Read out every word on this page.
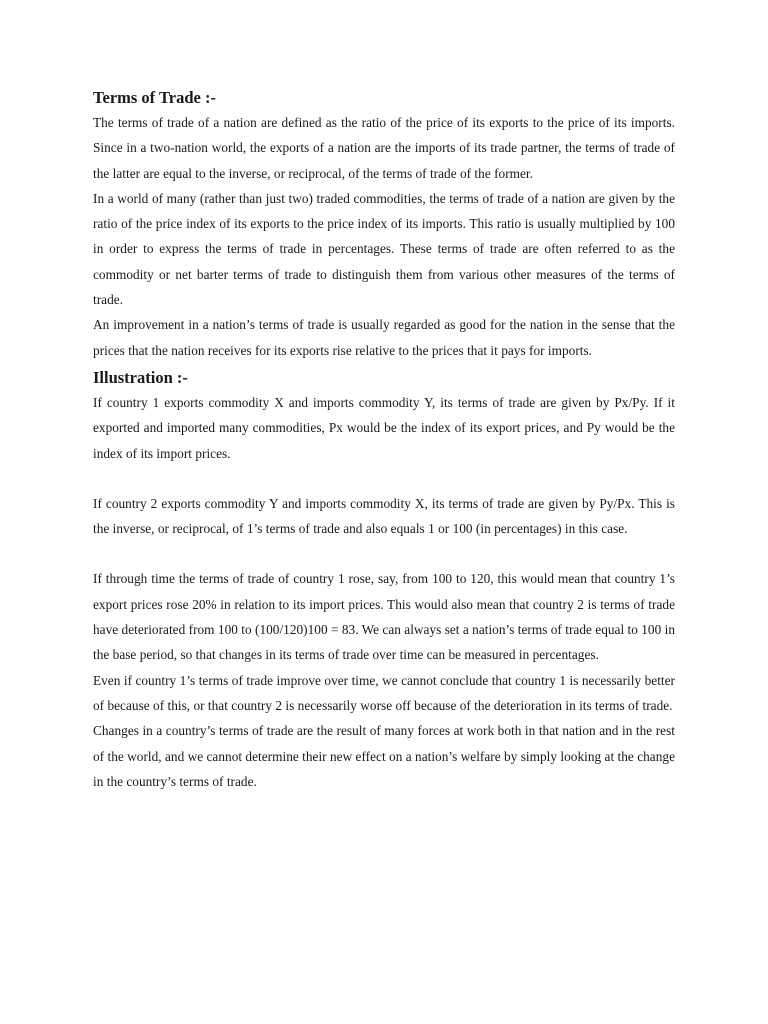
Terms of Trade :-

The terms of trade of a nation are defined as the ratio of the price of its exports to the price of its imports. Since in a two-nation world, the exports of a nation are the imports of its trade partner, the terms of trade of the latter are equal to the inverse, or reciprocal, of the terms of trade of the former.

In a world of many (rather than just two) traded commodities, the terms of trade of a nation are given by the ratio of the price index of its exports to the price index of its imports. This ratio is usually multiplied by 100 in order to express the terms of trade in percentages. These terms of trade are often referred to as the commodity or net barter terms of trade to distinguish them from various other measures of the terms of trade.

An improvement in a nation’s terms of trade is usually regarded as good for the nation in the sense that the prices that the nation receives for its exports rise relative to the prices that it pays for imports.

Illustration :-

If country 1 exports commodity X and imports commodity Y, its terms of trade are given by Px/Py. If it exported and imported many commodities, Px would be the index of its export prices, and Py would be the index of its import prices.

If country 2 exports commodity Y and imports commodity X, its terms of trade are given by Py/Px. This is the inverse, or reciprocal, of 1’s terms of trade and also equals 1 or 100 (in percentages) in this case.

If through time the terms of trade of country 1 rose, say, from 100 to 120, this would mean that country 1’s export prices rose 20% in relation to its import prices. This would also mean that country 2 is terms of trade have deteriorated from 100 to (100/120)100 = 83. We can always set a nation’s terms of trade equal to 100 in the base period, so that changes in its terms of trade over time can be measured in percentages.

Even if country 1’s terms of trade improve over time, we cannot conclude that country 1 is necessarily better of because of this, or that country 2 is necessarily worse off because of the deterioration in its terms of trade.

Changes in a country’s terms of trade are the result of many forces at work both in that nation and in the rest of the world, and we cannot determine their new effect on a nation’s welfare by simply looking at the change in the country’s terms of trade.
